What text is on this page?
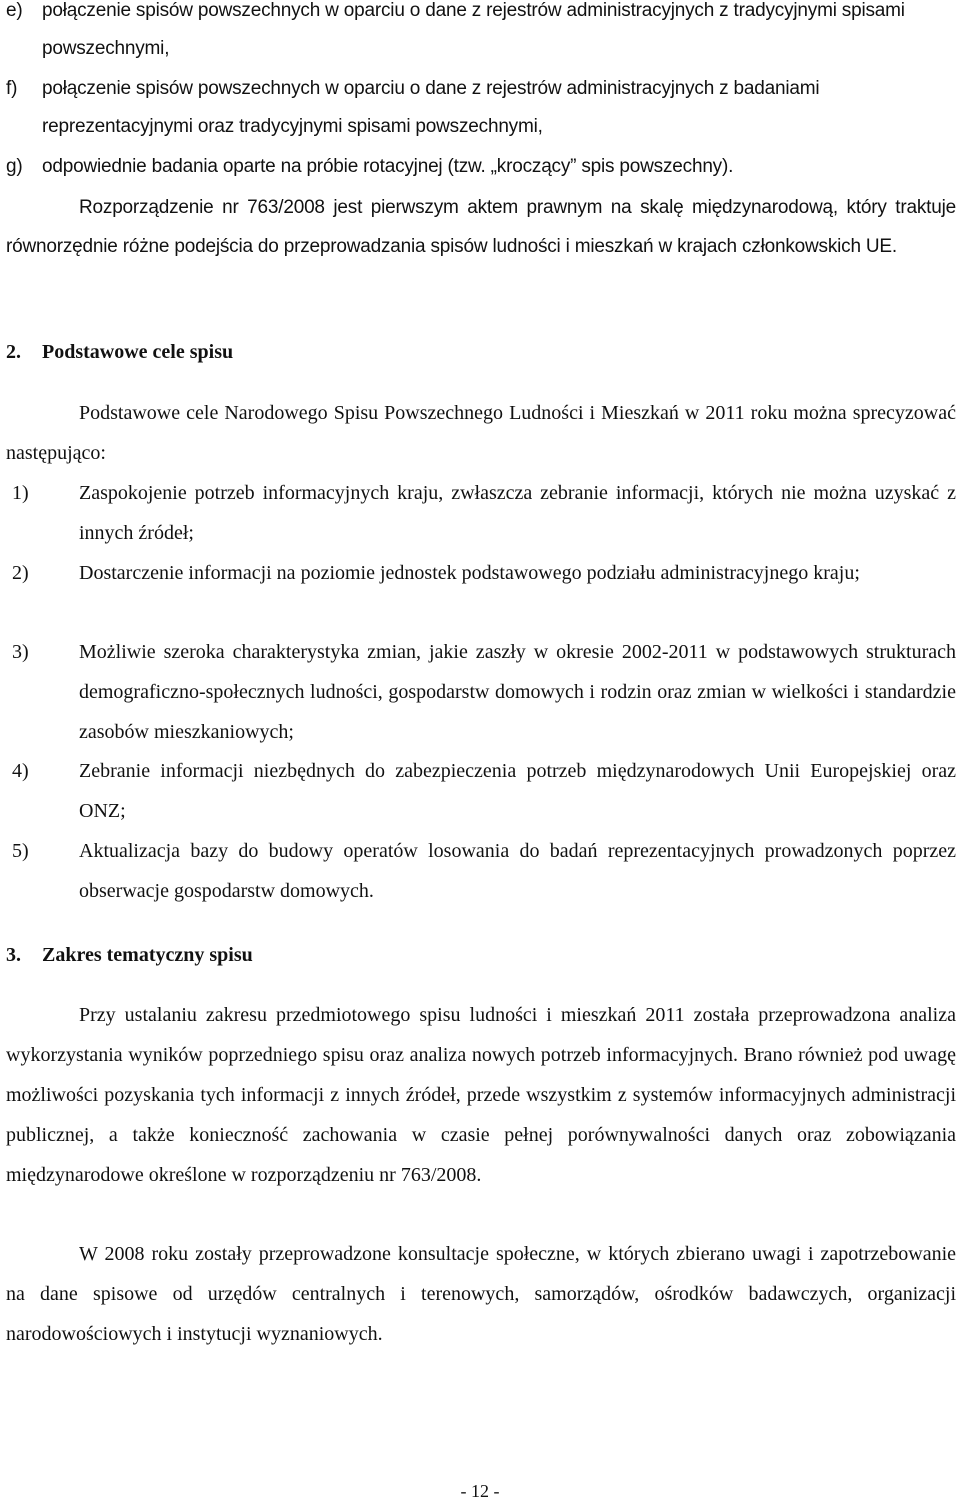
e) połączenie spisów powszechnych w oparciu o dane z rejestrów administracyjnych z tradycyjnymi spisami powszechnymi,
f) połączenie spisów powszechnych w oparciu o dane z rejestrów administracyjnych z badaniami reprezentacyjnymi oraz tradycyjnymi spisami powszechnymi,
g) odpowiednie badania oparte na próbie rotacyjnej (tzw. „kroczący” spis powszechny).
Rozporządzenie nr 763/2008 jest pierwszym aktem prawnym na skalę międzynarodową, który traktuje równorzędnie różne podejścia do przeprowadzania spisów ludności i mieszkań w krajach członkowskich UE.
2. Podstawowe cele spisu
Podstawowe cele Narodowego Spisu Powszechnego Ludności i Mieszkań w 2011 roku można sprecyzować następująco:
1)	Zaspokojenie potrzeb informacyjnych kraju, zwłaszcza zebranie informacji, których nie można uzyskać z innych źródeł;
2)	Dostarczenie informacji na poziomie jednostek podstawowego podziału administracyjnego kraju;
3)	Możliwie szeroka charakterystyka zmian, jakie zaszły w okresie 2002-2011 w podstawowych strukturach demograficzno-społecznych ludności, gospodarstw domowych i rodzin oraz zmian w wielkości i standardzie zasobów mieszkaniowych;
4)	Zebranie informacji niezbędnych do zabezpieczenia potrzeb międzynarodowych Unii Europejskiej oraz ONZ;
5)	Aktualizacja bazy do budowy operatów losowania do badań reprezentacyjnych prowadzonych poprzez obserwacje gospodarstw domowych.
3. Zakres tematyczny spisu
Przy ustalaniu zakresu przedmiotowego spisu ludności i mieszkań 2011 została przeprowadzona analiza wykorzystania wyników poprzedniego spisu oraz analiza nowych potrzeb informacyjnych. Brano również pod uwagę możliwości pozyskania tych informacji z innych źródeł, przede wszystkim z systemów informacyjnych administracji publicznej, a także konieczność zachowania w czasie pełnej porównywalności danych oraz zobowiązania międzynarodowe określone w rozporządzeniu nr 763/2008.
W 2008 roku zostały przeprowadzone konsultacje społeczne, w których zbierano uwagi i zapotrzebowanie na dane spisowe od urzędów centralnych i terenowych, samorządów, ośrodków badawczych, organizacji narodowościowych i instytucji wyznaniowych.
- 12 -
